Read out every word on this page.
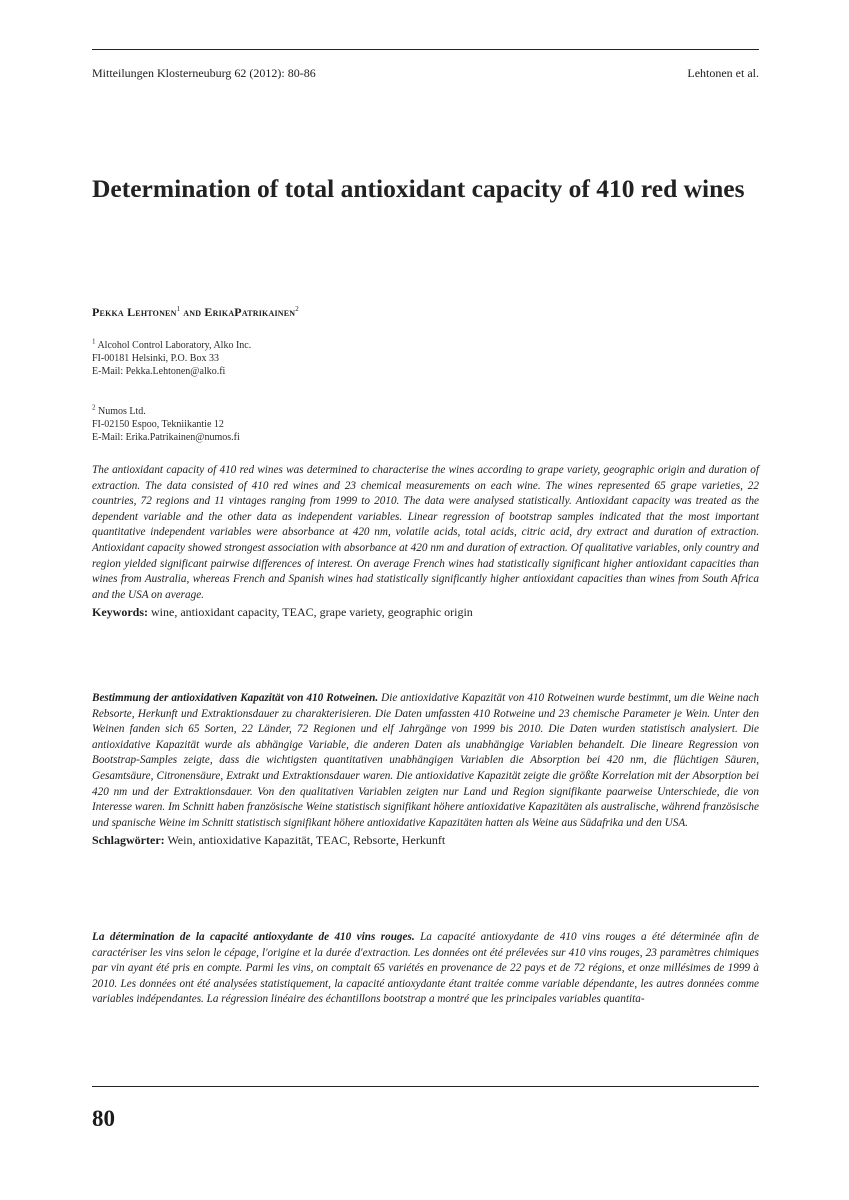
Mitteilungen Klosterneuburg 62 (2012): 80-86	Lehtonen et al.
Determination of total antioxidant capacity of 410 red wines
Pekka Lehtonen$^1$ and ErikaPatrikainen$^2$
$^1$ Alcohol Control Laboratory, Alko Inc.
FI-00181 Helsinki, P.O. Box 33
E-Mail: Pekka.Lehtonen@alko.fi
$^2$ Numos Ltd.
FI-02150 Espoo, Tekniikantie 12
E-Mail: Erika.Patrikainen@numos.fi

The antioxidant capacity of 410 red wines was determined to characterise the wines according to grape variety, geographic origin and duration of extraction. The data consisted of 410 red wines and 23 chemical measurements on each wine. The wines represented 65 grape varieties, 22 countries, 72 regions and 11 vintages ranging from 1999 to 2010. The data were analysed statistically. Antioxidant capacity was treated as the dependent variable and the other data as independent variables. Linear regression of bootstrap samples indicated that the most important quantitative independent variables were absorbance at 420 nm, volatile acids, total acids, citric acid, dry extract and duration of extraction. Antioxidant capacity showed strongest association with absorbance at 420 nm and duration of extraction. Of qualitative variables, only country and region yielded significant pairwise differences of interest. On average French wines had statistically significant higher antioxidant capacities than wines from Australia, whereas French and Spanish wines had statistically significantly higher antioxidant capacities than wines from South Africa and the USA on average.
Keywords: wine, antioxidant capacity, TEAC, grape variety, geographic origin

Bestimmung der antioxidativen Kapazität von 410 Rotweinen. Die antioxidative Kapazität von 410 Rotweinen wurde bestimmt, um die Weine nach Rebsorte, Herkunft und Extraktionsdauer zu charakterisieren. Die Daten umfassten 410 Rotweine und 23 chemische Parameter je Wein. Unter den Weinen fanden sich 65 Sorten, 22 Länder, 72 Regionen und elf Jahrgänge von 1999 bis 2010. Die Daten wurden statistisch analysiert. Die antioxidative Kapazität wurde als abhängige Variable, die anderen Daten als unabhängige Variablen behandelt. Die lineare Regression von Bootstrap-Samples zeigte, dass die wichtigsten quantitativen unabhängigen Variablen die Absorption bei 420 nm, die flüchtigen Säuren, Gesamtsäure, Citronensäure, Extrakt und Extraktionsdauer waren. Die antioxidative Kapazität zeigte die größte Korrelation mit der Absorption bei 420 nm und der Extraktionsdauer. Von den qualitativen Variablen zeigten nur Land und Region signifikante paarweise Unterschiede, die von Interesse waren. Im Schnitt haben französische Weine statistisch signifikant höhere antioxidative Kapazitäten als australische, während französische und spanische Weine im Schnitt statistisch signifikant höhere antioxidative Kapazitäten hatten als Weine aus Südafrika und den USA.
Schlagwörter: Wein, antioxidative Kapazität, TEAC, Rebsorte, Herkunft

La détermination de la capacité antioxydante de 410 vins rouges. La capacité antioxydante de 410 vins rouges a été déterminée afin de caractériser les vins selon le cépage, l'origine et la durée d'extraction. Les données ont été prélevées sur 410 vins rouges, 23 paramètres chimiques par vin ayant été pris en compte. Parmi les vins, on comptait 65 variétés en provenance de 22 pays et de 72 régions, et onze millésimes de 1999 à 2010. Les données ont été analysées statistiquement, la capacité antioxydante étant traitée comme variable dépendante, les autres données comme variables indépendantes. La régression linéaire des échantillons bootstrap a montré que les principales variables quantita-

80
